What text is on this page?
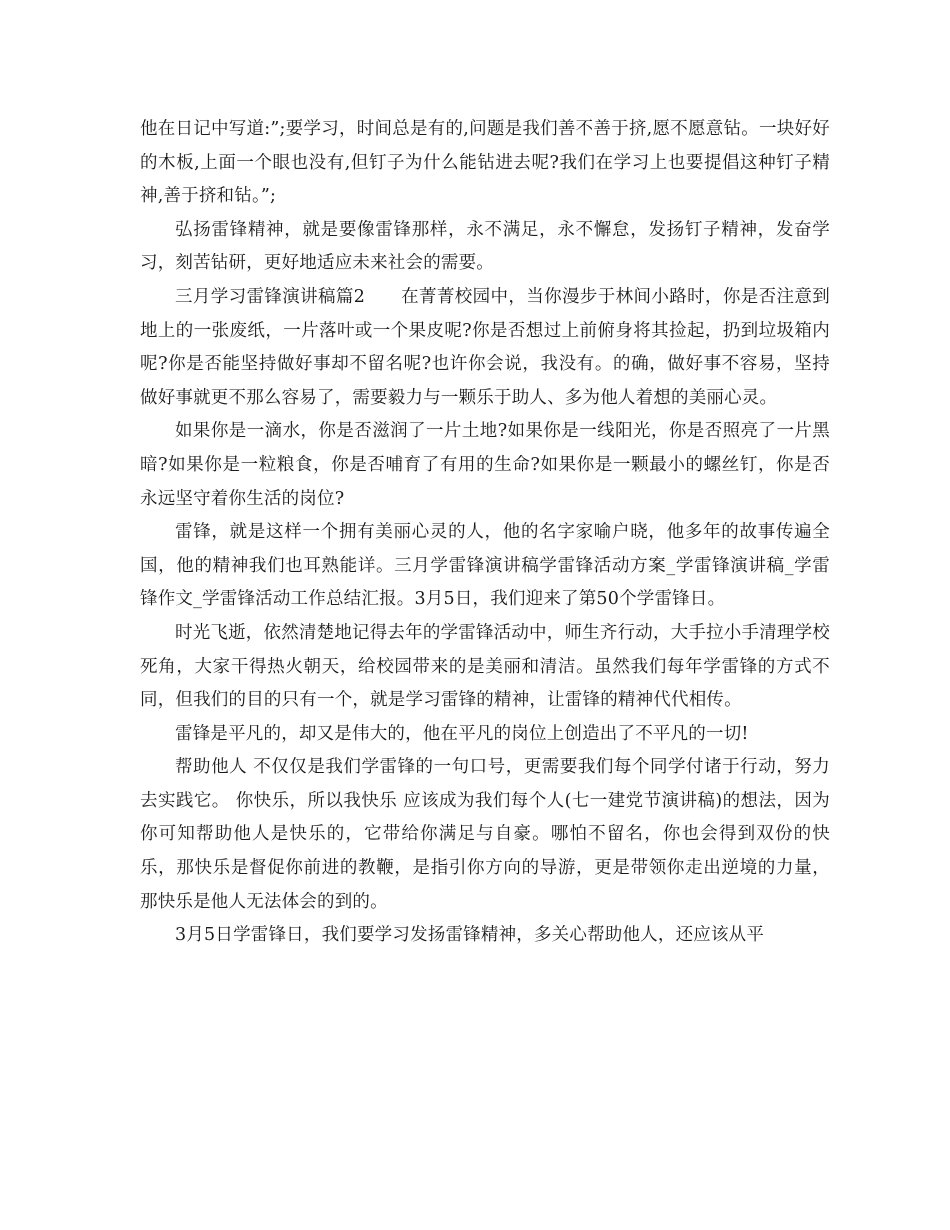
他在日记中写道:”;要学习，时间总是有的,问题是我们善不善于挤,愿不愿意钻。一块好好的木板,上面一个眼也没有,但钉子为什么能钻进去呢?我们在学习上也要提倡这种钉子精神,善于挤和钻。”;

弘扬雷锋精神，就是要像雷锋那样，永不满足，永不懈怠，发扬钉子精神，发奋学习，刻苦钻研，更好地适应未来社会的需要。

三月学习雷锋演讲稿篇2　　在菁菁校园中，当你漫步于林间小路时，你是否注意到地上的一张废纸，一片落叶或一个果皮呢?你是否想过上前俯身将其捡起，扔到垃圾箱内呢?你是否能坚持做好事却不留名呢?也许你会说，我没有。的确，做好事不容易，坚持做好事就更不那么容易了，需要毅力与一颗乐于助人、多为他人着想的美丽心灵。

如果你是一滴水，你是否滋润了一片土地?如果你是一线阳光，你是否照亮了一片黑暗?如果你是一粒粮食，你是否哺育了有用的生命?如果你是一颗最小的螺丝钉，你是否永远坚守着你生活的岗位?

雷锋，就是这样一个拥有美丽心灵的人，他的名字家喻户晓，他多年的故事传遍全国，他的精神我们也耳熟能详。三月学雷锋演讲稿学雷锋活动方案_学雷锋演讲稿_学雷锋作文_学雷锋活动工作总结汇报。3月5日，我们迎来了第50个学雷锋日。

时光飞逝，依然清楚地记得去年的学雷锋活动中，师生齐行动，大手拉小手清理学校死角，大家干得热火朝天，给校园带来的是美丽和清洁。虽然我们每年学雷锋的方式不同，但我们的目的只有一个，就是学习雷锋的精神，让雷锋的精神代代相传。

雷锋是平凡的，却又是伟大的，他在平凡的岗位上创造出了不平凡的一切!

帮助他人 不仅仅是我们学雷锋的一句口号，更需要我们每个同学付诸于行动，努力去实践它。 你快乐，所以我快乐 应该成为我们每个人(七一建党节演讲稿)的想法，因为你可知帮助他人是快乐的，它带给你满足与自豪。哪怕不留名，你也会得到双份的快乐，那快乐是督促你前进的教鞭，是指引你方向的导游，更是带领你走出逆境的力量，那快乐是他人无法体会的到的。

3月5日学雷锋日，我们要学习发扬雷锋精神，多关心帮助他人，还应该从平
